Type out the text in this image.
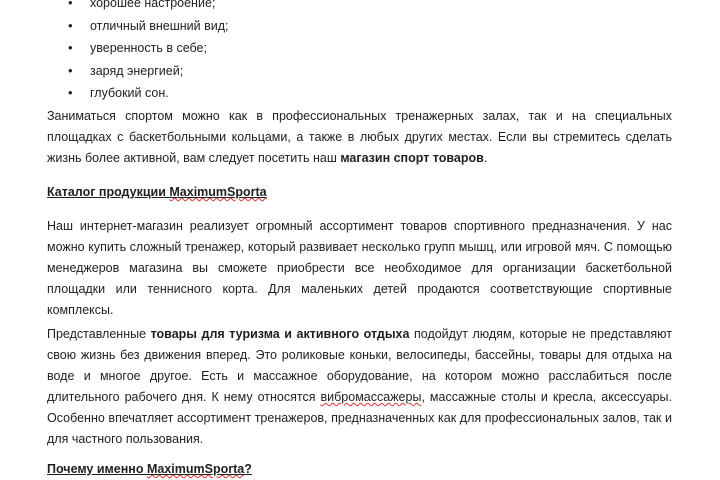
• хорошее настроение;
• отличный внешний вид;
• уверенность в себе;
• заряд энергией;
• глубокий сон.

Заниматься спортом можно как в профессиональных тренажерных залах, так и на специальных площадках с баскетбольными кольцами, а также в любых других местах. Если вы стремитесь сделать жизнь более активной, вам следует посетить наш магазин спорт товаров.

Каталог продукции MaximumSporta

Наш интернет-магазин реализует огромный ассортимент товаров спортивного предназначения. У нас можно купить сложный тренажер, который развивает несколько групп мышц, или игровой мяч. С помощью менеджеров магазина вы сможете приобрести все необходимое для организации баскетбольной площадки или теннисного корта. Для маленьких детей продаются соответствующие спортивные комплексы.

Представленные товары для туризма и активного отдыха подойдут людям, которые не представляют свою жизнь без движения вперед. Это роликовые коньки, велосипеды, бассейны, товары для отдыха на воде и многое другое. Есть и массажное оборудование, на котором можно расслабиться после длительного рабочего дня. К нему относятся вибромассажеры, массажные столы и кресла, аксессуары. Особенно впечатляет ассортимент тренажеров, предназначенных как для профессиональных залов, так и для частного пользования.

Почему именно MaximumSporta?
